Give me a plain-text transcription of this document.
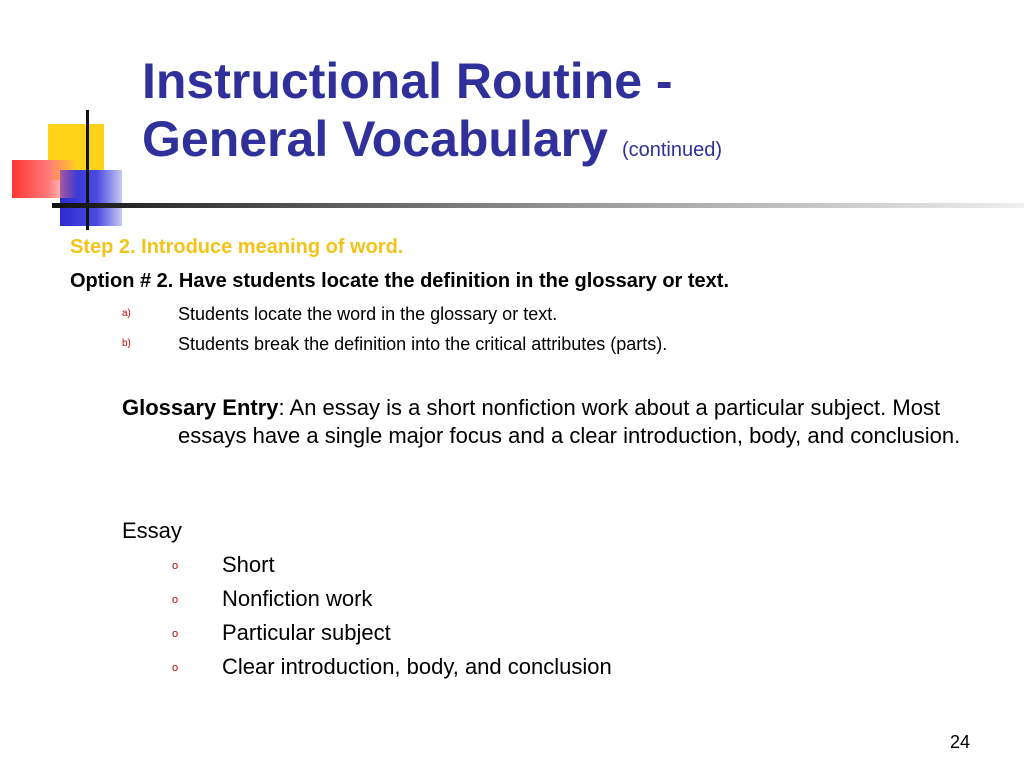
Instructional Routine -
General Vocabulary (continued)
Step 2. Introduce meaning of word.
Option # 2. Have students locate the definition in the glossary or text.
a)	Students locate the word in the glossary or text.
b)	Students break the definition into the critical attributes (parts).
Glossary Entry: An essay is a short nonfiction work about a particular subject. Most essays have a single major focus and a clear introduction, body, and conclusion.
Essay
o Short
o Nonfiction work
o Particular subject
o Clear introduction, body, and conclusion
24
